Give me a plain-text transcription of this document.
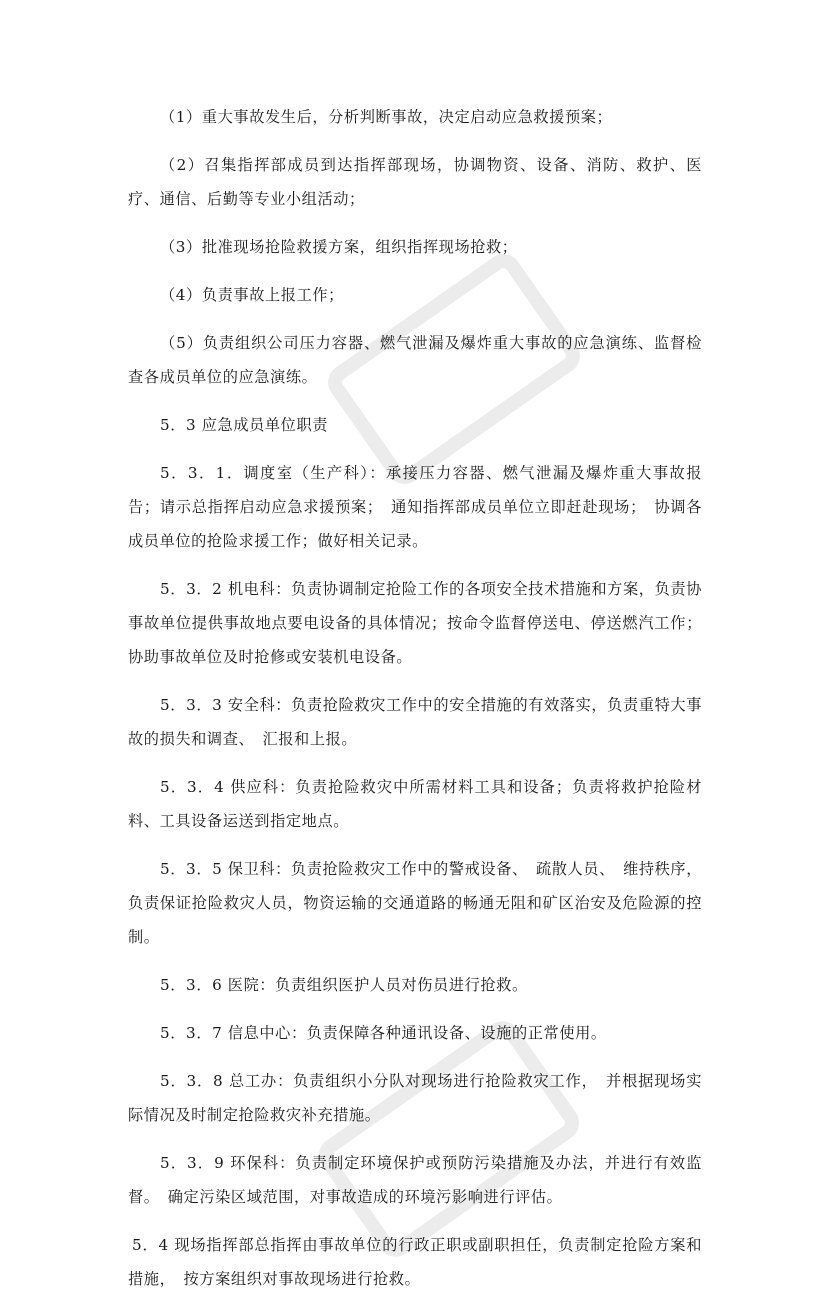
（1）重大事故发生后，分析判断事故，决定启动应急救援预案；

（2）召集指挥部成员到达指挥部现场，协调物资、设备、消防、救护、医疗、通信、后勤等专业小组活动；

（3）批准现场抢险救援方案，组织指挥现场抢救；

（4）负责事故上报工作；

（5）负责组织公司压力容器、燃气泄漏及爆炸重大事故的应急演练、监督检查各成员单位的应急演练。

5．3 应急成员单位职责

5．3．1．调度室（生产科）：承接压力容器、燃气泄漏及爆炸重大事故报告；请示总指挥启动应急求援预案；　通知指挥部成员单位立即赶赴现场；　协调各成员单位的抢险求援工作；做好相关记录。

5．3．2 机电科：负责协调制定抢险工作的各项安全技术措施和方案，负责协事故单位提供事故地点要电设备的具体情况；按命令监督停送电、停送燃汽工作；协助事故单位及时抢修或安装机电设备。

5．3．3 安全科：负责抢险救灾工作中的安全措施的有效落实，负责重特大事故的损失和调查、　汇报和上报。

5．3．4 供应科：负责抢险救灾中所需材料工具和设备；负责将救护抢险材料、工具设备运送到指定地点。

5．3．5 保卫科：负责抢险救灾工作中的警戒设备、　疏散人员、　维持秩序，负责保证抢险救灾人员，物资运输的交通道路的畅通无阻和矿区治安及危险源的控制。

5．3．6 医院：负责组织医护人员对伤员进行抢救。

5．3．7 信息中心：负责保障各种通讯设备、设施的正常使用。

5．3．8 总工办：负责组织小分队对现场进行抢险救灾工作，　并根据现场实际情况及时制定抢险救灾补充措施。

5．3．9 环保科：负责制定环境保护或预防污染措施及办法，并进行有效监督。　确定污染区域范围，对事故造成的环境污影响进行评估。

5．4 现场指挥部总指挥由事故单位的行政正职或副职担任，负责制定抢险方案和措施，　按方案组织对事故现场进行抢救。
